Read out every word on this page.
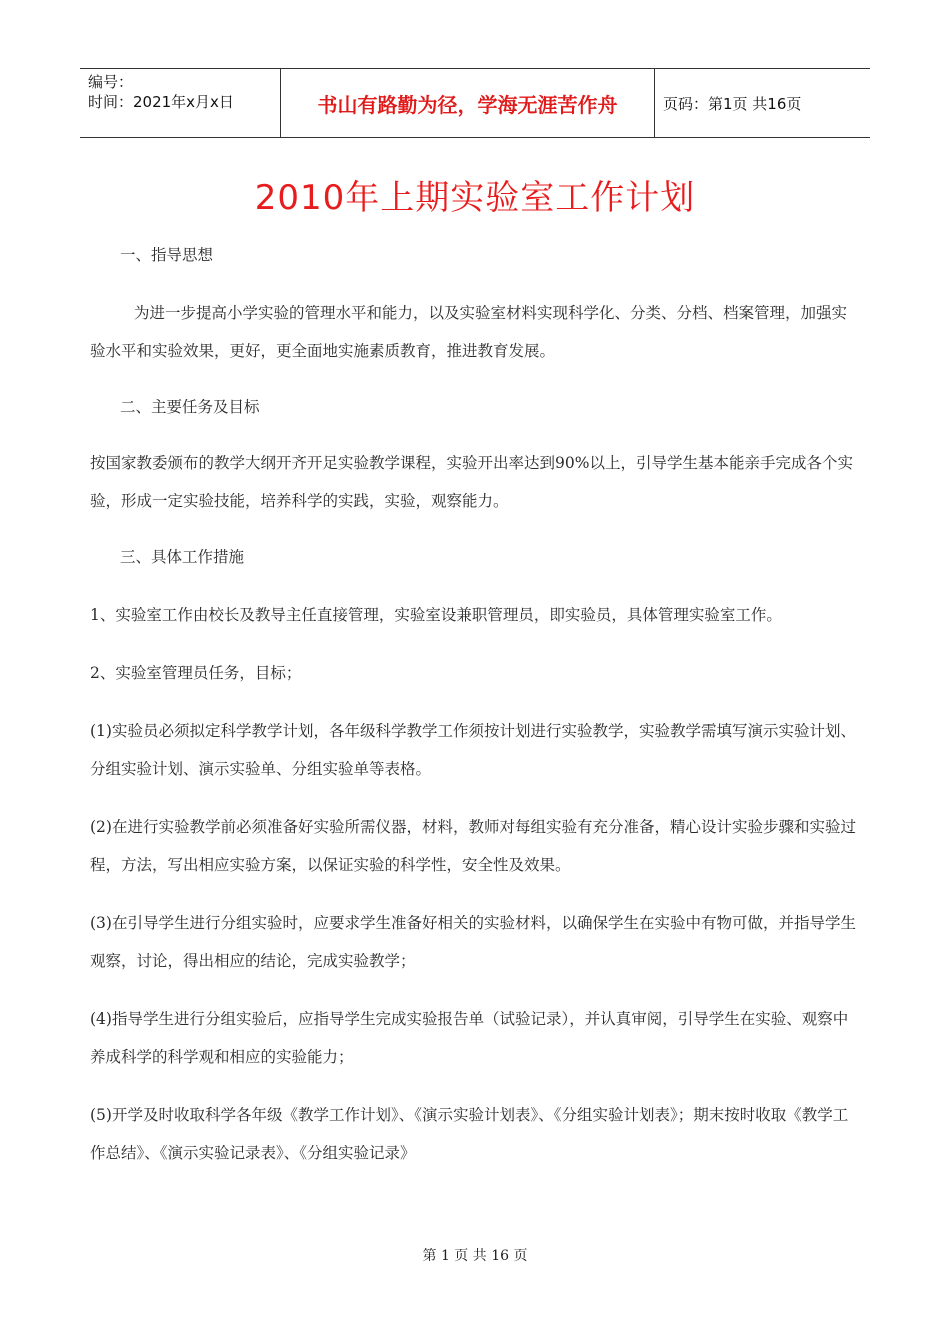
编号：
时间：2021年x月x日	书山有路勤为径，学海无涯苦作舟	页码：第1页 共16页
2010年上期实验室工作计划

一、指导思想

为进一步提高小学实验的管理水平和能力，以及实验室材料实现科学化、分类、分档、档案管理，加强实验水平和实验效果，更好，更全面地实施素质教育，推进教育发展。

二、主要任务及目标

按国家教委颁布的教学大纲开齐开足实验教学课程，实验开出率达到90%以上，引导学生基本能亲手完成各个实验，形成一定实验技能，培养科学的实践，实验，观察能力。

三、具体工作措施

1、实验室工作由校长及教导主任直接管理，实验室设兼职管理员，即实验员，具体管理实验室工作。

2、实验室管理员任务，目标；

(1)实验员必须拟定科学教学计划，各年级科学教学工作须按计划进行实验教学，实验教学需填写演示实验计划、分组实验计划、演示实验单、分组实验单等表格。

(2)在进行实验教学前必须准备好实验所需仪器，材料，教师对每组实验有充分准备，精心设计实验步骤和实验过程，方法，写出相应实验方案，以保证实验的科学性，安全性及效果。

(3)在引导学生进行分组实验时，应要求学生准备好相关的实验材料，以确保学生在实验中有物可做，并指导学生观察，讨论，得出相应的结论，完成实验教学；

(4)指导学生进行分组实验后，应指导学生完成实验报告单（试验记录），并认真审阅，引导学生在实验、观察中养成科学的科学观和相应的实验能力；

(5)开学及时收取科学各年级《教学工作计划》、《演示实验计划表》、《分组实验计划表》；期末按时收取《教学工作总结》、《演示实验记录表》、《分组实验记录》

第 1 页 共 16 页
